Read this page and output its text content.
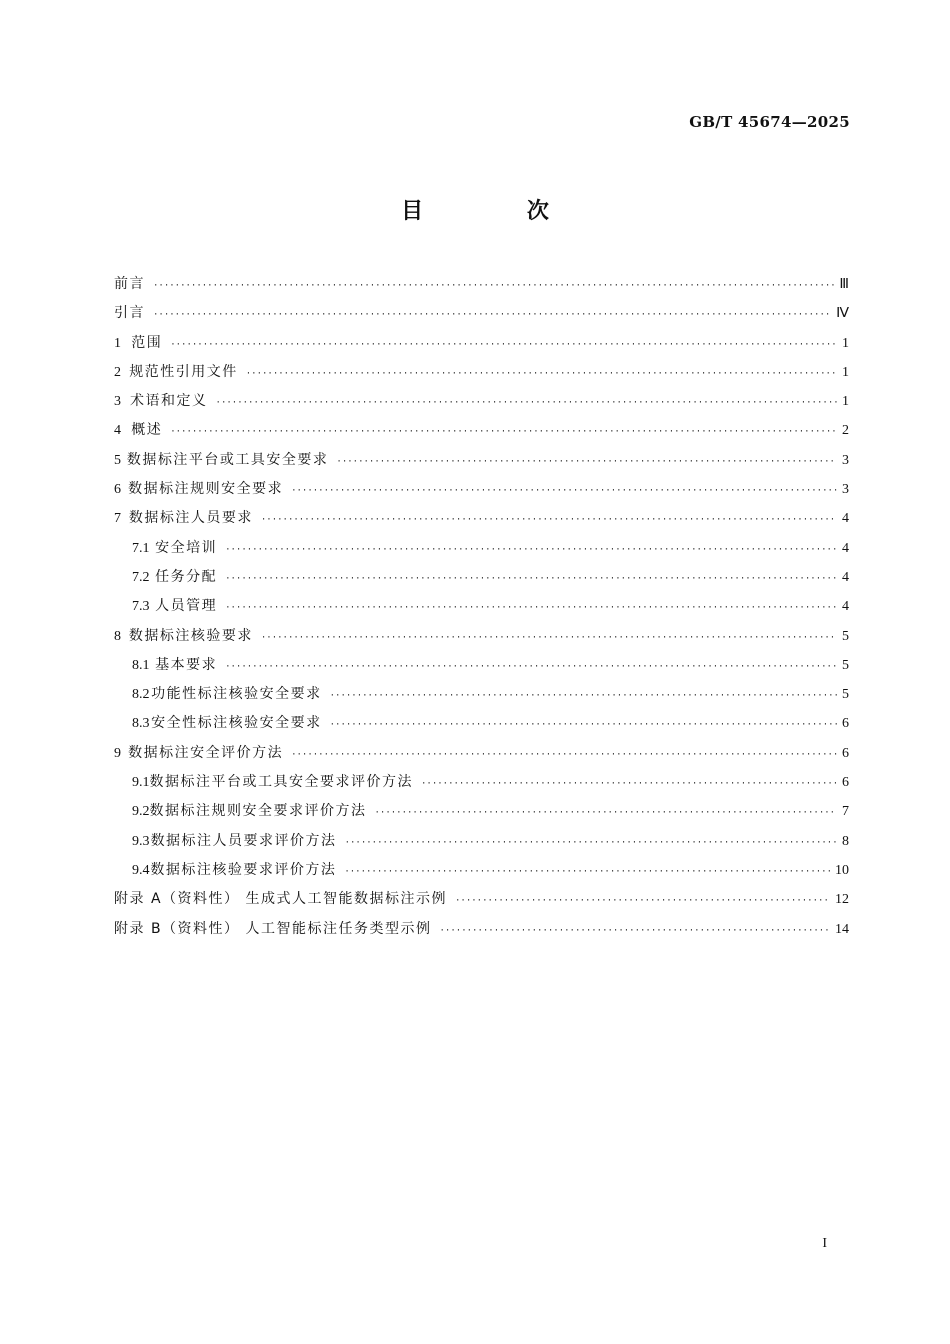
GB/T 45674—2025
目 次
前言 ·····	Ⅲ
引言 ·····	Ⅳ
1 范围 ·····	1
2 规范性引用文件 ·····	1
3 术语和定义 ·····	1
4 概述 ·····	2
5 数据标注平台或工具安全要求 ·····	3
6 数据标注规则安全要求 ·····	3
7 数据标注人员要求 ·····	4
7.1 安全培训 ·····	4
7.2 任务分配 ·····	4
7.3 人员管理 ·····	4
8 数据标注核验要求 ·····	5
8.1 基本要求 ·····	5
8.2 功能性标注核验安全要求 ·····	5
8.3 安全性标注核验安全要求 ·····	6
9 数据标注安全评价方法 ·····	6
9.1 数据标注平台或工具安全要求评价方法 ·····	6
9.2 数据标注规则安全要求评价方法 ·····	7
9.3 数据标注人员要求评价方法 ·····	8
9.4 数据标注核验要求评价方法 ·····	10
附录 A（资料性） 生成式人工智能数据标注示例 ·····	12
附录 B（资料性） 人工智能标注任务类型示例 ·····	14
I
